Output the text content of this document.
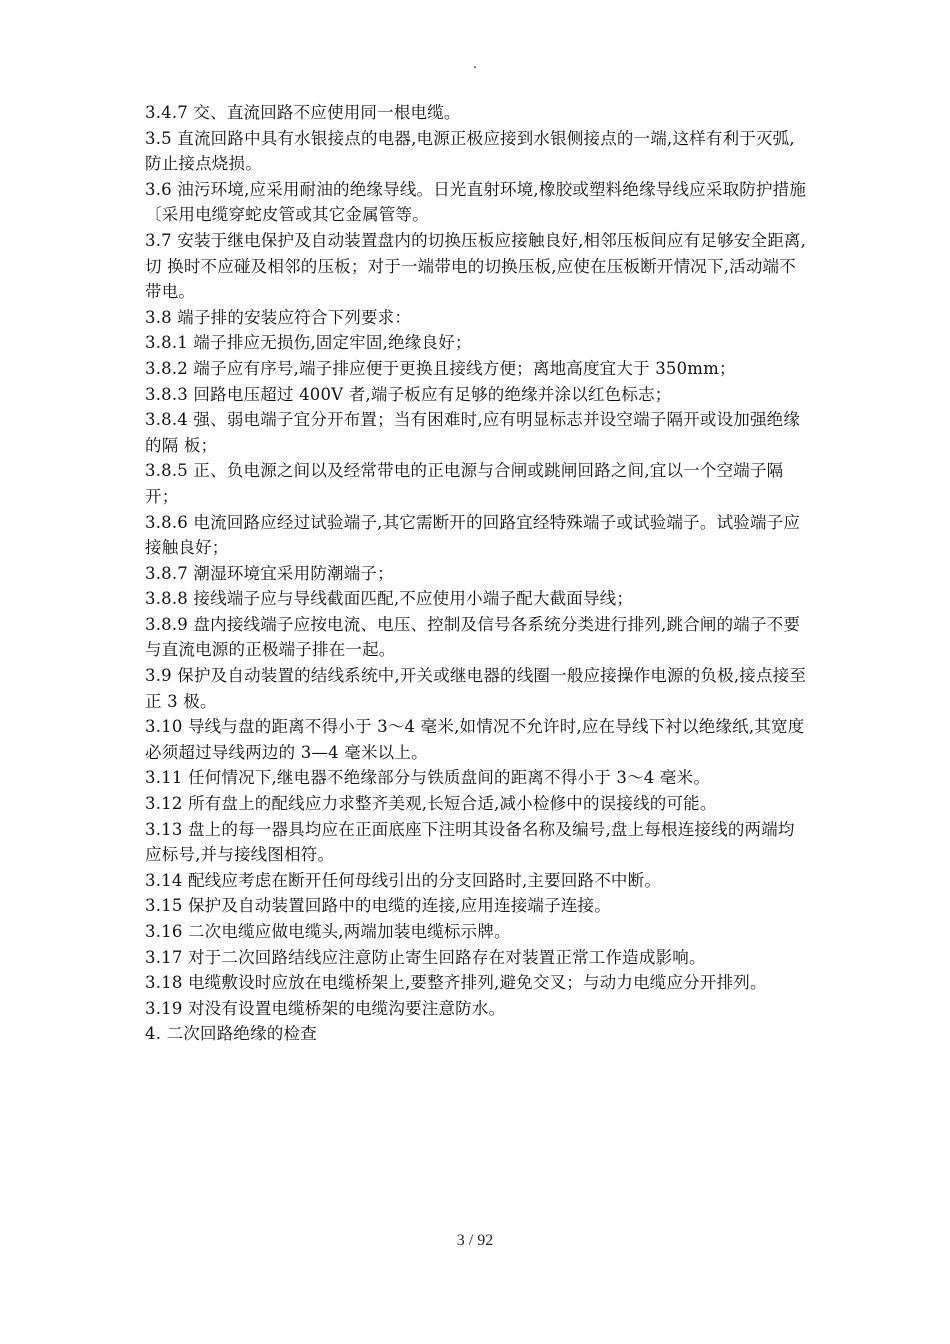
.

3.4.7 交、直流回路不应使用同一根电缆。

3.5 直流回路中具有水银接点的电器,电源正极应接到水银侧接点的一端,这样有利于灭弧,防止接点烧损。

3.6 油污环境,应采用耐油的绝缘导线。日光直射环境,橡胶或塑料绝缘导线应采取防护措施 〔采用电缆穿蛇皮管或其它金属管等。

3.7 安装于继电保护及自动装置盘内的切换压板应接触良好,相邻压板间应有足够安全距离,切 换时不应碰及相邻的压板；对于一端带电的切换压板,应使在压板断开情况下,活动端不带电。

3.8 端子排的安装应符合下列要求：

3.8.1 端子排应无损伤,固定牢固,绝缘良好；

3.8.2 端子应有序号,端子排应便于更换且接线方便；离地高度宜大于 350mm；

3.8.3 回路电压超过 400V 者,端子板应有足够的绝缘并涂以红色标志；

3.8.4 强、弱电端子宜分开布置；当有困难时,应有明显标志并设空端子隔开或设加强绝缘的隔 板；

3.8.5 正、负电源之间以及经常带电的正电源与合闸或跳闸回路之间,宜以一个空端子隔开；

3.8.6 电流回路应经过试验端子,其它需断开的回路宜经特殊端子或试验端子。试验端子应接触良好；

3.8.7 潮湿环境宜采用防潮端子；

3.8.8 接线端子应与导线截面匹配,不应使用小端子配大截面导线；

3.8.9 盘内接线端子应按电流、电压、控制及信号各系统分类进行排列,跳合闸的端子不要与直流电源的正极端子排在一起。

3.9 保护及自动装置的结线系统中,开关或继电器的线圈一般应接操作电源的负极,接点接至正 3 极。

3.10 导线与盘的距离不得小于 3～4 毫米,如情况不允许时,应在导线下衬以绝缘纸,其宽度必须超过导线两边的 3—4 毫米以上。

3.11 任何情况下,继电器不绝缘部分与铁质盘间的距离不得小于 3～4 毫米。

3.12 所有盘上的配线应力求整齐美观,长短合适,减小检修中的误接线的可能。

3.13 盘上的每一器具均应在正面底座下注明其设备名称及编号,盘上每根连接线的两端均应标号,并与接线图相符。

3.14 配线应考虑在断开任何母线引出的分支回路时,主要回路不中断。

3.15 保护及自动装置回路中的电缆的连接,应用连接端子连接。

3.16 二次电缆应做电缆头,两端加装电缆标示牌。

3.17 对于二次回路结线应注意防止寄生回路存在对装置正常工作造成影响。

3.18 电缆敷设时应放在电缆桥架上,要整齐排列,避免交叉；与动力电缆应分开排列。

3.19 对没有设置电缆桥架的电缆沟要注意防水。

4. 二次回路绝缘的检查

3 / 92
